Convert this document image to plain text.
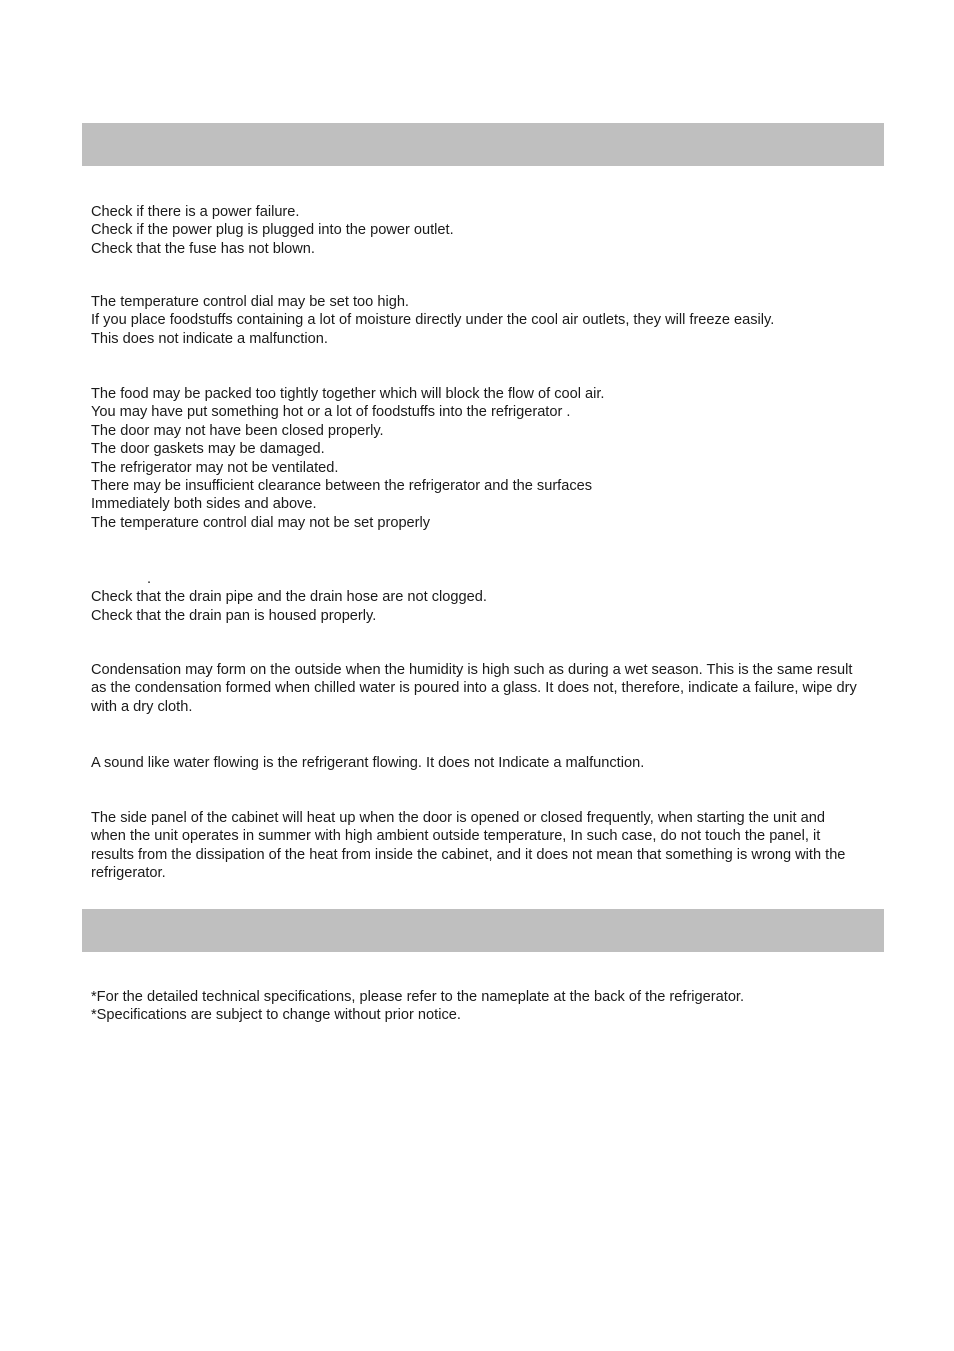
Check if there is a power failure.
Check if the power plug is plugged into the power outlet.
Check that the fuse has not blown.
The temperature control dial may be set too high.
If you place foodstuffs containing a lot of moisture directly under the cool air outlets, they will freeze easily.
This does not indicate a malfunction.
The food may be packed too tightly together which will block the flow of cool air.
You may have put something hot or a lot of foodstuffs into the refrigerator .
The door may not have been closed properly.
The door gaskets may be damaged.
The refrigerator may not be ventilated.
There may be insufficient clearance between the refrigerator and the surfaces
Immediately both sides and above.
The temperature control dial may not be set properly
.
Check that the drain pipe and the drain hose are not clogged.
Check that the drain pan is housed properly.
Condensation may form on the outside when the humidity is high such as during a wet season. This is the same result as the condensation formed when chilled water is poured into a glass. It does not, therefore, indicate a failure, wipe dry with a dry cloth.
A sound like water flowing is the refrigerant flowing. It does not Indicate a malfunction.
The side panel of the cabinet will heat up when the door is opened or closed frequently, when starting the unit and when the unit operates in summer with high ambient outside temperature, In such case, do not touch the panel, it results from the dissipation of the heat from inside the cabinet, and it does not mean that something is wrong with the refrigerator.
*For the detailed technical specifications, please refer to the nameplate at the back of the refrigerator.
*Specifications are subject to change without prior notice.
